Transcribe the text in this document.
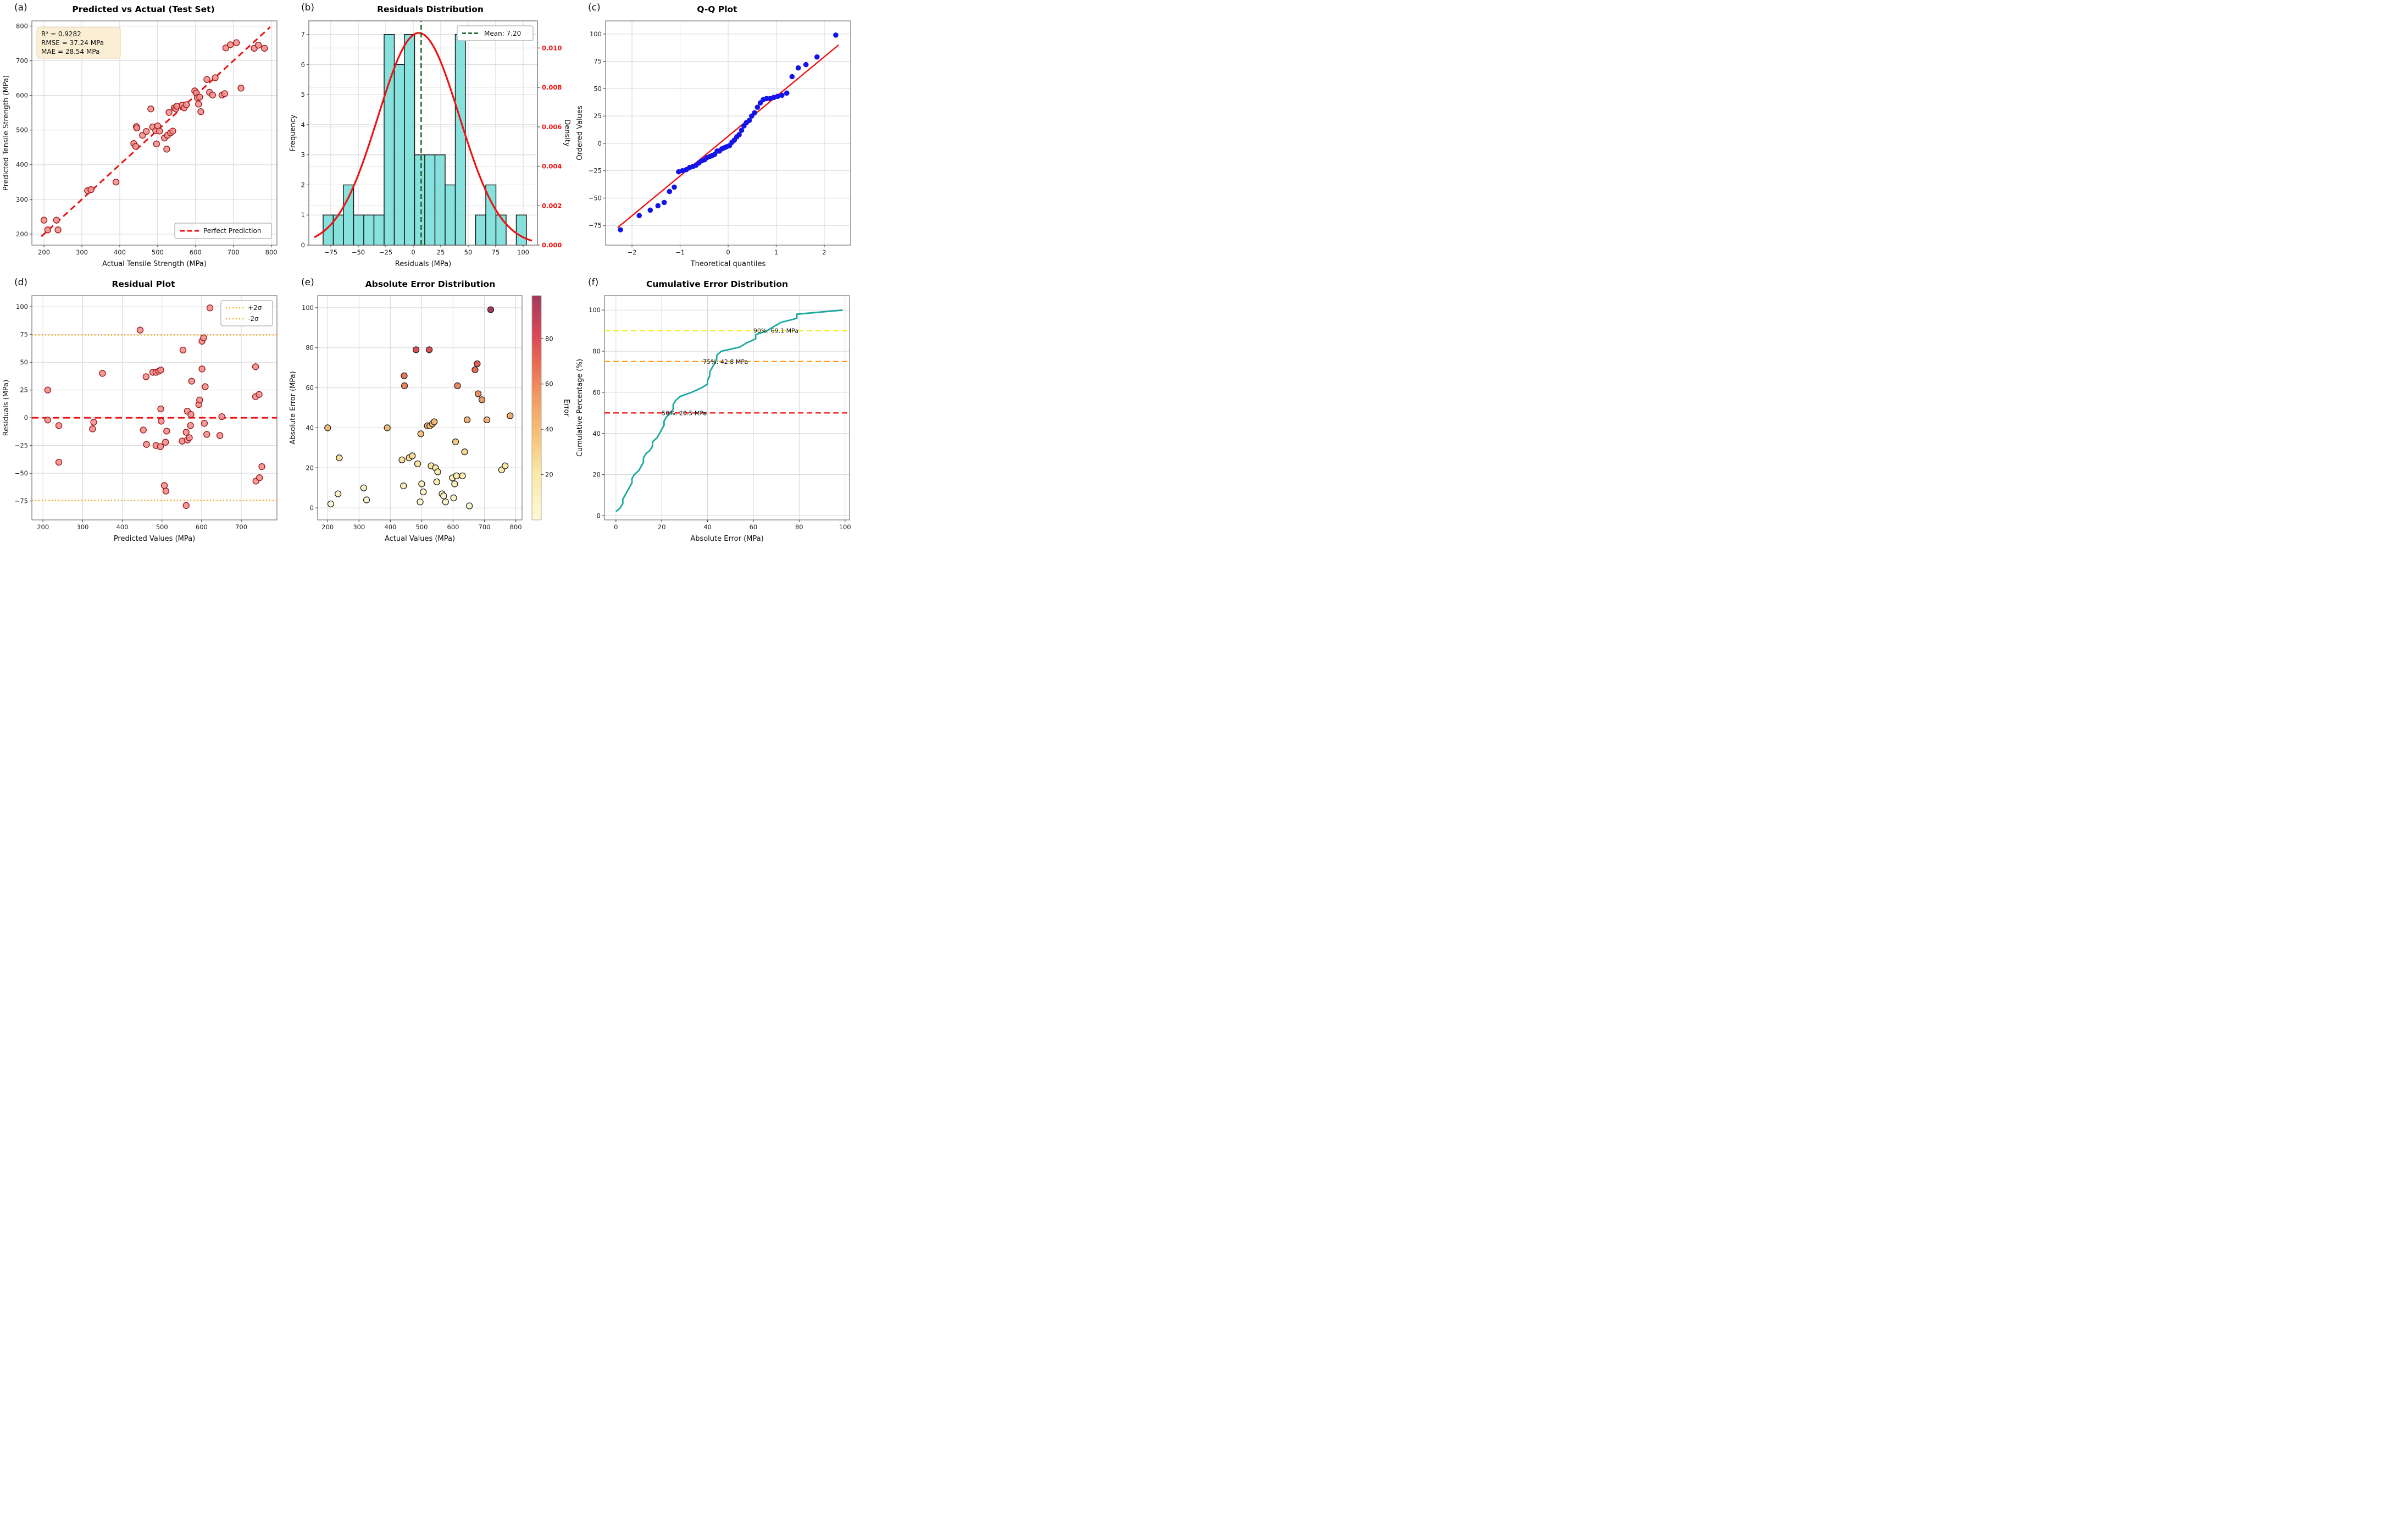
(a)	Predicted vs Actual (Test Set)
200	300	400	500	600	700	800
200
300
400
500
600
700
800
Actual Tensile Strength (MPa)
Predicted Tensile Strength (MPa)
R² = 0.9282
RMSE = 37.24 MPa
MAE = 28.54 MPa
Perfect Prediction
(b)	Residuals Distribution
−75 −50 −25	0	25	50	75	100
0
1
2
3
4
5
6
7
Residuals (MPa)
Frequency
0.000
0.002
0.004
0.006
0.008
0.010
Mean: 7.20
Density
(c)	Q-Q Plot
−2	−1	0	1	2
−75
−50
−25
0
25
50
75
100
Theoretical quantiles
Ordered Values
(d)	Residual Plot
200	300	400	500	600	700
−75
−50
−25
0
25
50
75
100
Predicted Values (MPa)
Residuals (MPa)
+2σ
-2σ
(e)	Absolute Error Distribution
200	300	400	500	600	700	800
0
20
40
60
80
100
Actual Values (MPa)
Absolute Error (MPa)
20
40
60
80
Error
(f)	Cumulative Error Distribution
0	20	40	60	80	100
0
20
40
60
80
100
Absolute Error (MPa)
Cumulative Percentage (%)
90%: 69.1 MPa
75%: 42.8 MPa
50%: 20.5 MPa
